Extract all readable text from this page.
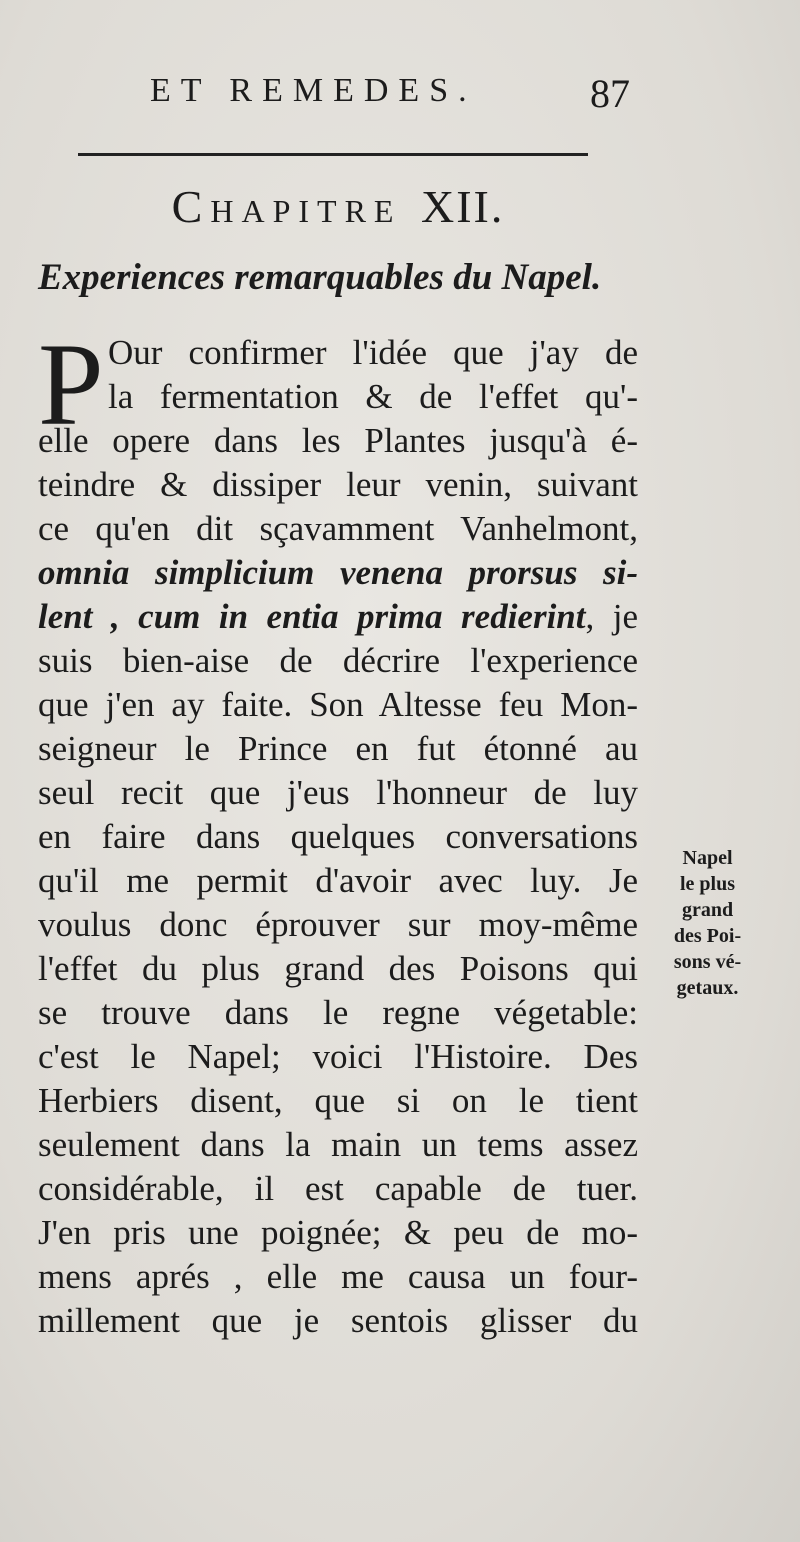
ET REMEDES.	87
Chapitre XII.
Experiences remarquables du Napel.
P Our confirmer l'idée que j'ay de
la fermentation & de l'effet qu'-
elle opere dans les Plantes jusqu'à é-
teindre & dissiper leur venin, suivant
ce qu'en dit sçavamment Vanhelmont,
omnia simplicium venena prorsus si-
lent , cum in entia prima redierint, je
suis bien-aise de décrire l'experience
que j'en ay faite. Son Altesse feu Mon-
seigneur le Prince en fut étonné au
seul recit que j'eus l'honneur de luy
en faire dans quelques conversations
qu'il me permit d'avoir avec luy. Je
voulus donc éprouver sur moy-même
l'effet du plus grand des Poisons qui
se trouve dans le regne végetable:
c'est le Napel; voici l'Histoire. Des
Herbiers disent, que si on le tient
seulement dans la main un tems assez
considérable, il est capable de tuer.
J'en pris une poignée; & peu de mo-
mens aprés , elle me causa un four-
millement que je sentois glisser du
Napel
le plus
grand
des Poi-
sons vé-
getaux.
